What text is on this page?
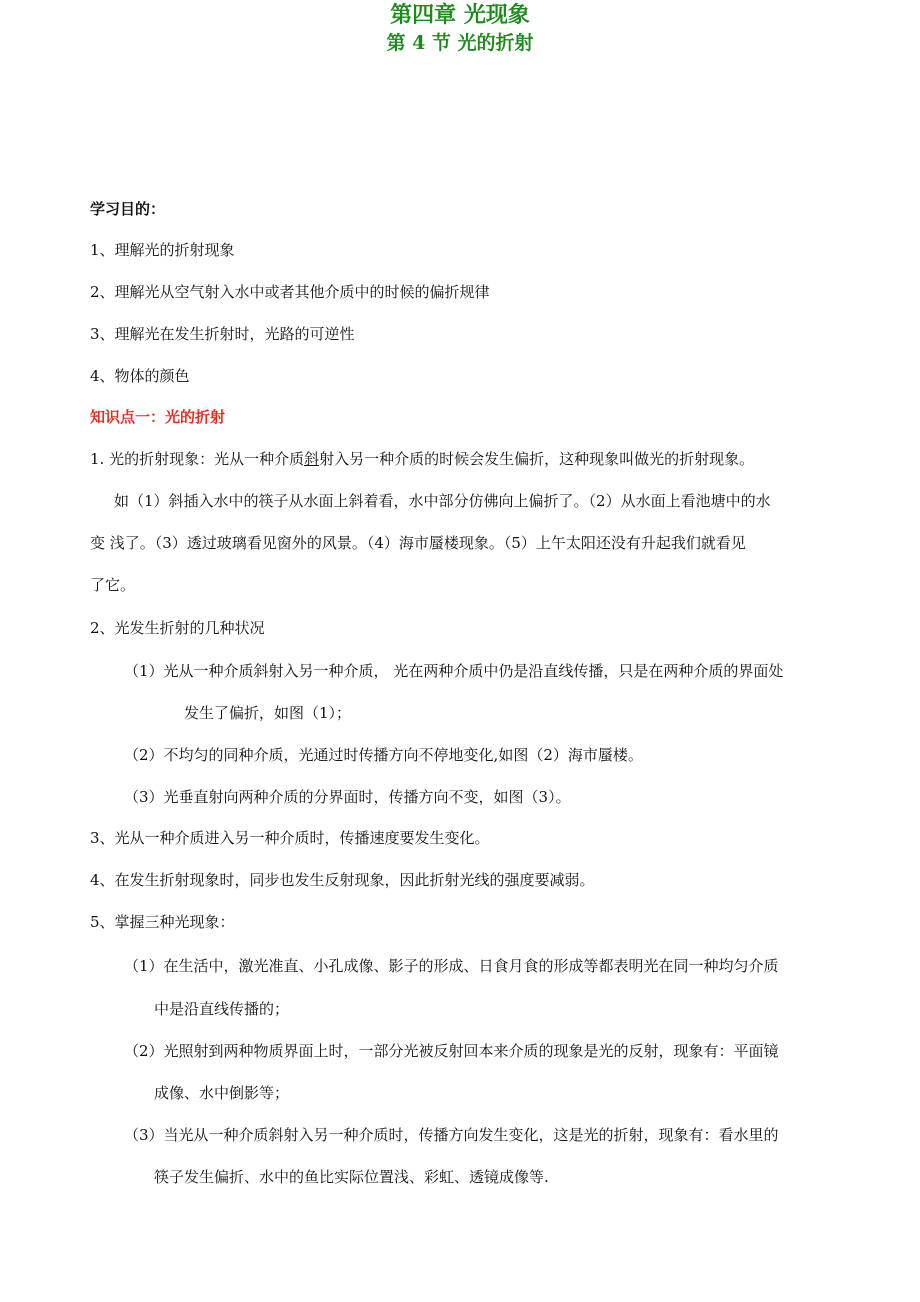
第四章 光现象
第 4 节 光的折射
学习目的：
1、理解光的折射现象
2、理解光从空气射入水中或者其他介质中的时候的偏折规律
3、理解光在发生折射时，光路的可逆性
4、物体的颜色
知识点一：光的折射
1. 光的折射现象：光从一种介质斜射入另一种介质的时候会发生偏折，这种现象叫做光的折射现象。
如（1）斜插入水中的筷子从水面上斜着看，水中部分仿佛向上偏折了。（2）从水面上看池塘中的水
变 浅了。（3）透过玻璃看见窗外的风景。（4）海市蜃楼现象。（5）上午太阳还没有升起我们就看见
了它。
2、光发生折射的几种状况
（1）光从一种介质斜射入另一种介质， 光在两种介质中仍是沿直线传播，只是在两种介质的界面处
发生了偏折，如图（1）；
（2）不均匀的同种介质，光通过时传播方向不停地变化,如图（2）海市蜃楼。
（3）光垂直射向两种介质的分界面时，传播方向不变，如图（3）。
3、光从一种介质进入另一种介质时，传播速度要发生变化。
4、在发生折射现象时，同步也发生反射现象，因此折射光线的强度要减弱。
5、掌握三种光现象：
（1）在生活中，激光准直、小孔成像、影子的形成、日食月食的形成等都表明光在同一种均匀介质
中是沿直线传播的；
（2）光照射到两种物质界面上时，一部分光被反射回本来介质的现象是光的反射，现象有：平面镜
成像、水中倒影等；
（3）当光从一种介质斜射入另一种介质时，传播方向发生变化，这是光的折射，现象有：看水里的
筷子发生偏折、水中的鱼比实际位置浅、彩虹、透镜成像等.
